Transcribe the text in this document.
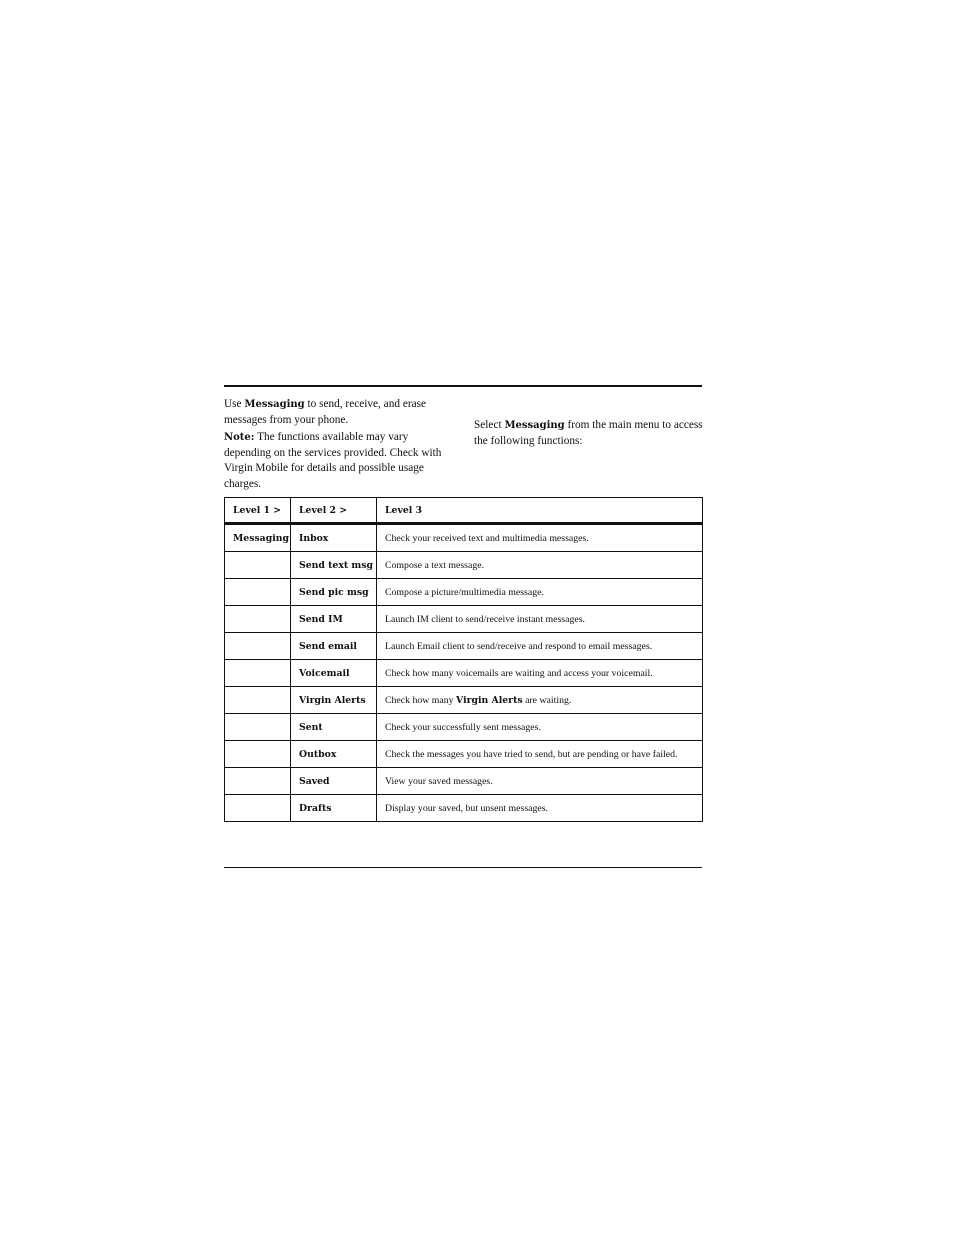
Use Messaging to send, receive, and erase messages from your phone.

Note: The functions available may vary depending on the services provided. Check with Virgin Mobile for details and possible usage charges.

Select Messaging from the main menu to access the following functions:

Level 1 >	Level 2 >	Level 3
Messaging	Inbox	Check your received text and multimedia messages.
	Send text msg	Compose a text message.
	Send pic msg	Compose a picture/multimedia message.
	Send IM	Launch IM client to send/receive instant messages.
	Send email	Launch Email client to send/receive and respond to email messages.
	Voicemail	Check how many voicemails are waiting and access your voicemail.
	Virgin Alerts	Check how many Virgin Alerts are waiting.
	Sent	Check your successfully sent messages.
	Outbox	Check the messages you have tried to send, but are pending or have failed.
	Saved	View your saved messages.
	Drafts	Display your saved, but unsent messages.
